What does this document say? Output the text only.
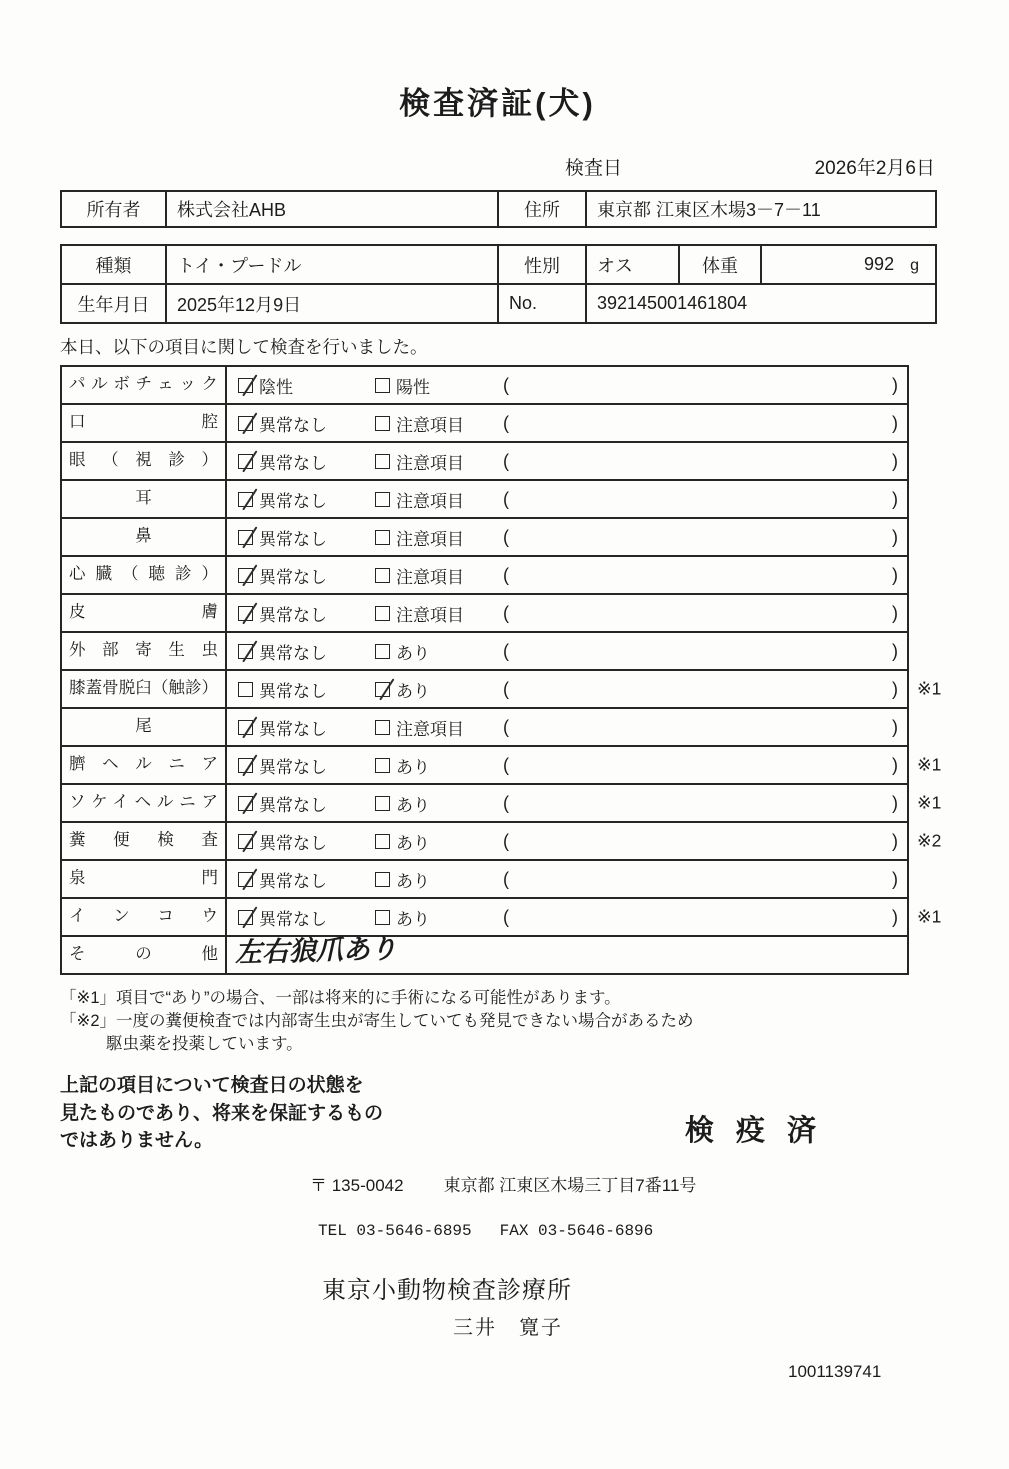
検査済証(犬)
検査日	2026年2月6日
所有者	株式会社AHB	住所	東京都 江東区木場3－7－11
種類	トイ・プードル	性別	オス	体重	992 g
生年月日	2025年12月9日	No.	392145001461804		
本日、以下の項目に関して検査を行いました。
パルボチェック	陰性	陽性	(	)
口 腔	異常なし	注意項目 (	)
眼 （ 視 診 ）	異常なし	注意項目 (	)
耳	異常なし	注意項目 (	)
鼻	異常なし	注意項目 (	)
心 臓 （ 聴 診 ）	異常なし	注意項目 (	)
皮 膚	異常なし	注意項目 (	)
外 部 寄 生 虫	異常なし	あり	(	)
膝蓋骨脱臼（触診）	異常なし	あり	(	) ※1
尾	異常なし	注意項目 (	)
臍 ヘ ル ニ ア	異常なし	あり	(	) ※1
ソケイヘルニア	異常なし	あり	(	) ※1
糞 便 検 査	異常なし	あり	(	) ※2
泉 門	異常なし	あり	(	)
イ ン コ ウ	異常なし	あり	(	) ※1
そ の 他 左右狼爪あり
「※1」項目で“あり”の場合、一部は将来的に手術になる可能性があります。
「※2」一度の糞便検査では内部寄生虫が寄生していても発見できない場合があるため
駆虫薬を投薬しています。
上記の項目について検査日の状態を
見たものであり、将来を保証するもの
ではありません。	検 疫 済
〒 135-0042 東京都 江東区木場三丁目7番11号
TEL 03-5646-6895 FAX 03-5646-6896
東京小動物検査診療所
三井　寛子
1001139741
